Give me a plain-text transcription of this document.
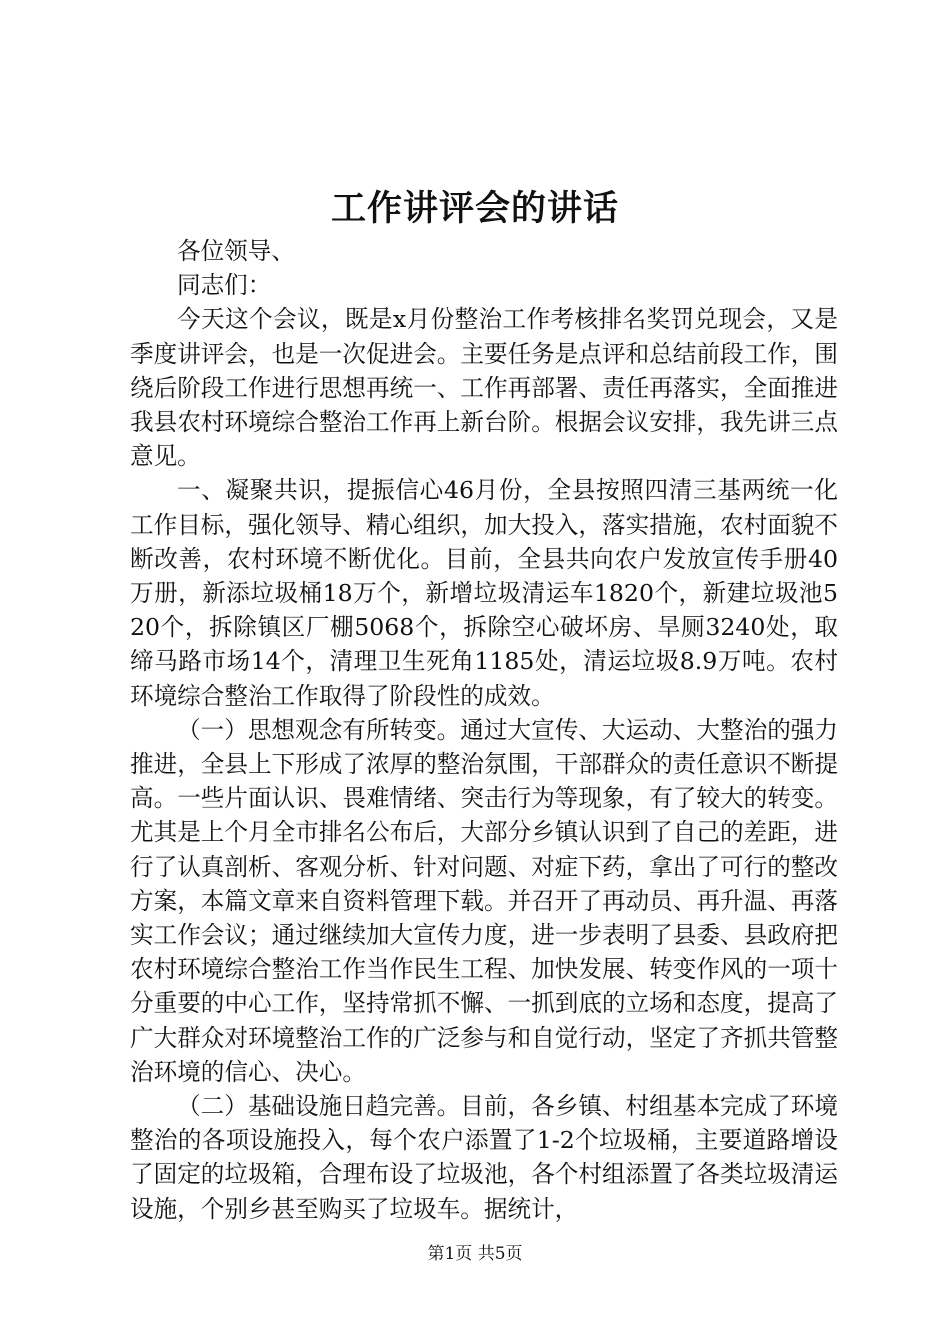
工作讲评会的讲话

各位领导、

同志们：

今天这个会议，既是x月份整治工作考核排名奖罚兑现会，又是季度讲评会，也是一次促进会。主要任务是点评和总结前段工作，围绕后阶段工作进行思想再统一、工作再部署、责任再落实，全面推进我县农村环境综合整治工作再上新台阶。根据会议安排，我先讲三点意见。

一、凝聚共识，提振信心46月份，全县按照四清三基两统一化工作目标，强化领导、精心组织，加大投入，落实措施，农村面貌不断改善，农村环境不断优化。目前，全县共向农户发放宣传手册40万册，新添垃圾桶18万个，新增垃圾清运车1820个，新建垃圾池520个，拆除镇区厂棚5068个，拆除空心破坏房、旱厕3240处，取缔马路市场14个，清理卫生死角1185处，清运垃圾8.9万吨。农村环境综合整治工作取得了阶段性的成效。

（一）思想观念有所转变。通过大宣传、大运动、大整治的强力推进，全县上下形成了浓厚的整治氛围，干部群众的责任意识不断提高。一些片面认识、畏难情绪、突击行为等现象，有了较大的转变。尤其是上个月全市排名公布后，大部分乡镇认识到了自己的差距，进行了认真剖析、客观分析、针对问题、对症下药，拿出了可行的整改方案，本篇文章来自资料管理下载。并召开了再动员、再升温、再落实工作会议；通过继续加大宣传力度，进一步表明了县委、县政府把农村环境综合整治工作当作民生工程、加快发展、转变作风的一项十分重要的中心工作，坚持常抓不懈、一抓到底的立场和态度，提高了广大群众对环境整治工作的广泛参与和自觉行动，坚定了齐抓共管整治环境的信心、决心。

（二）基础设施日趋完善。目前，各乡镇、村组基本完成了环境整治的各项设施投入，每个农户添置了1-2个垃圾桶，主要道路增设了固定的垃圾箱，合理布设了垃圾池，各个村组添置了各类垃圾清运设施，个别乡甚至购买了垃圾车。据统计，

第1页 共5页
